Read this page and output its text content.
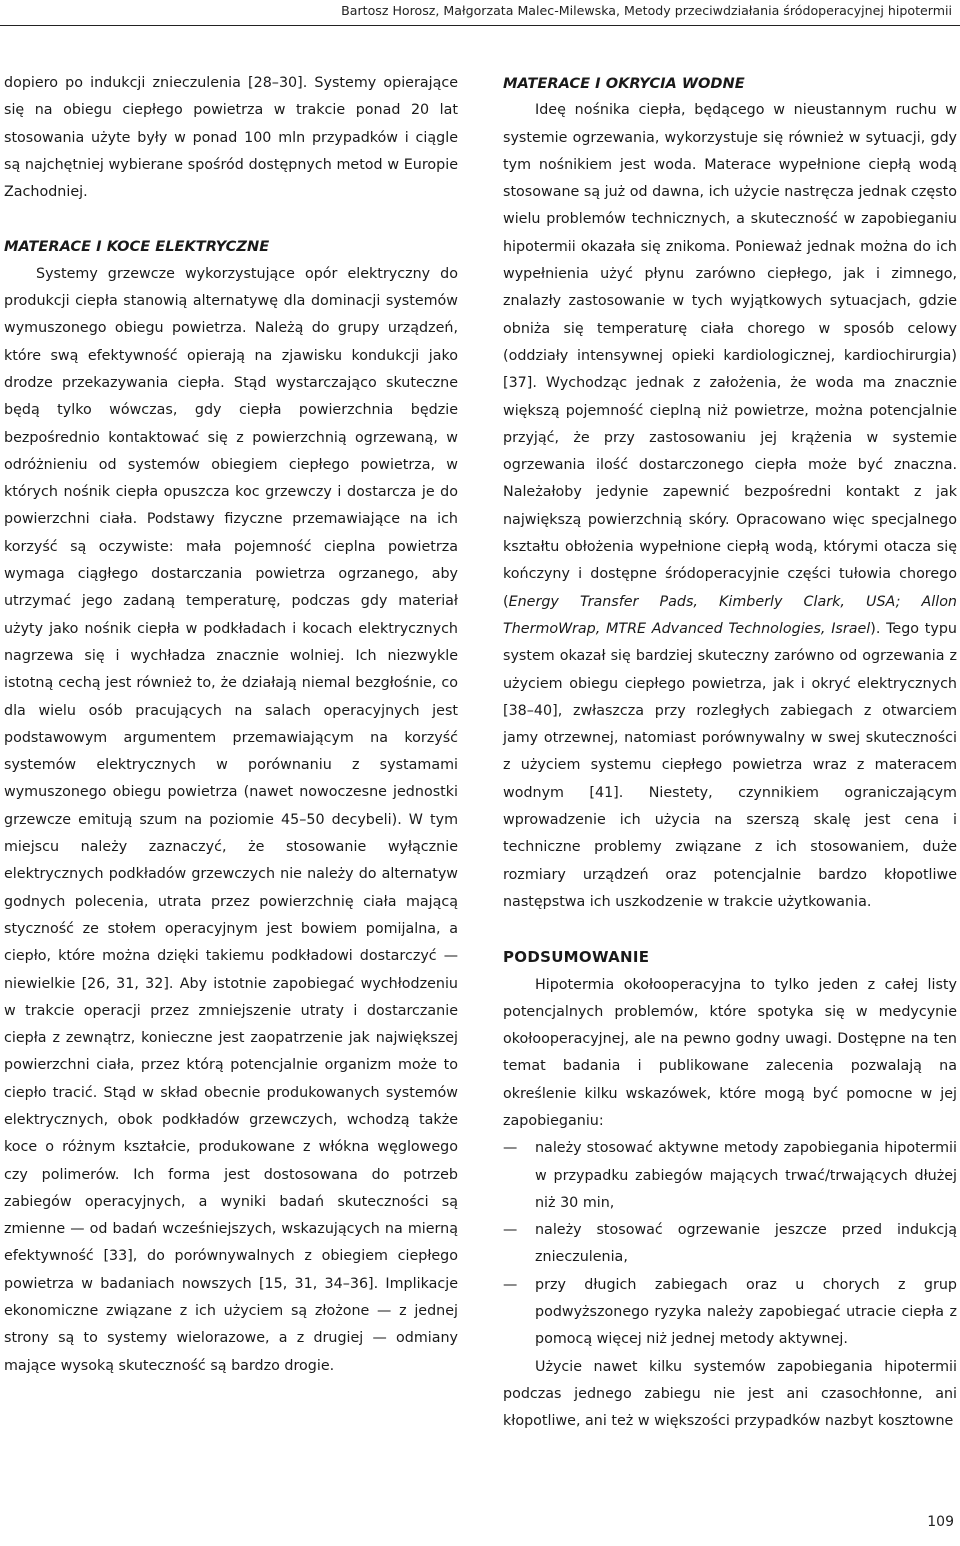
Bartosz Horosz, Małgorzata Malec-Milewska, Metody przeciwdziałania śródoperacyjnej hipotermii

dopiero po indukcji znieczulenia [28–30]. Systemy opierające się na obiegu ciepłego powietrza w trakcie ponad 20 lat stosowania użyte były w ponad 100 mln przypadków i ciągle są najchętniej wybierane spośród dostępnych metod w Europie Zachodniej.

MATERACE I KOCE ELEKTRYCZNE

Systemy grzewcze wykorzystujące opór elektryczny do produkcji ciepła stanowią alternatywę dla dominacji systemów wymuszonego obiegu powietrza. Należą do grupy urządzeń, które swą efektywność opierają na zjawisku kondukcji jako drodze przekazywania ciepła. Stąd wystarczająco skuteczne będą tylko wówczas, gdy ciepła powierzchnia będzie bezpośrednio kontaktować się z powierzchnią ogrzewaną, w odróżnieniu od systemów obiegiem ciepłego powietrza, w których nośnik ciepła opuszcza koc grzewczy i dostarcza je do powierzchni ciała. Podstawy fizyczne przemawiające na ich korzyść są oczywiste: mała pojemność cieplna powietrza wymaga ciągłego dostarczania powietrza ogrzanego, aby utrzymać jego zadaną temperaturę, podczas gdy materiał użyty jako nośnik ciepła w podkładach i kocach elektrycznych nagrzewa się i wychładza znacznie wolniej. Ich niezwykle istotną cechą jest również to, że działają niemal bezgłośnie, co dla wielu osób pracujących na salach operacyjnych jest podstawowym argumentem przemawiającym na korzyść systemów elektrycznych w porównaniu z systamami wymuszonego obiegu powietrza (nawet nowoczesne jednostki grzewcze emitują szum na poziomie 45–50 decybeli). W tym miejscu należy zaznaczyć, że stosowanie wyłącznie elektrycznych podkładów grzewczych nie należy do alternatyw godnych polecenia, utrata przez powierzchnię ciała mającą styczność ze stołem operacyjnym jest bowiem pomijalna, a ciepło, które można dzięki takiemu podkładowi dostarczyć — niewielkie [26, 31, 32]. Aby istotnie zapobiegać wychłodzeniu w trakcie operacji przez zmniejszenie utraty i dostarczanie ciepła z zewnątrz, konieczne jest zaopatrzenie jak największej powierzchni ciała, przez którą potencjalnie organizm może to ciepło tracić. Stąd w skład obecnie produkowanych systemów elektrycznych, obok podkładów grzewczych, wchodzą także koce o różnym kształcie, produkowane z włókna węglowego czy polimerów. Ich forma jest dostosowana do potrzeb zabiegów operacyjnych, a wyniki badań skuteczności są zmienne — od badań wcześniejszych, wskazujących na mierną efektywność [33], do porównywalnych z obiegiem ciepłego powietrza w badaniach nowszych [15, 31, 34–36]. Implikacje ekonomiczne związane z ich użyciem są złożone — z jednej strony są to systemy wielorazowe, a z drugiej — odmiany mające wysoką skuteczność są bardzo drogie.

MATERACE I OKRYCIA WODNE

Ideę nośnika ciepła, będącego w nieustannym ruchu w systemie ogrzewania, wykorzystuje się również w sytuacji, gdy tym nośnikiem jest woda. Materace wypełnione ciepłą wodą stosowane są już od dawna, ich użycie nastręcza jednak często wielu problemów technicznych, a skuteczność w zapobieganiu hipotermii okazała się znikoma. Ponieważ jednak można do ich wypełnienia użyć płynu zarówno ciepłego, jak i zimnego, znalazły zastosowanie w tych wyjątkowych sytuacjach, gdzie obniża się temperaturę ciała chorego w sposób celowy (oddziały intensywnej opieki kardiologicznej, kardiochirurgia) [37]. Wychodząc jednak z założenia, że woda ma znacznie większą pojemność cieplną niż powietrze, można potencjalnie przyjąć, że przy zastosowaniu jej krążenia w systemie ogrzewania ilość dostarczonego ciepła może być znaczna. Należałoby jedynie zapewnić bezpośredni kontakt z jak największą powierzchnią skóry. Opracowano więc specjalnego kształtu obłożenia wypełnione ciepłą wodą, którymi otacza się kończyny i dostępne śródoperacyjnie części tułowia chorego (Energy Transfer Pads, Kimberly Clark, USA; Allon ThermoWrap, MTRE Advanced Technologies, Israel). Tego typu system okazał się bardziej skuteczny zarówno od ogrzewania z użyciem obiegu ciepłego powietrza, jak i okryć elektrycznych [38–40], zwłaszcza przy rozległych zabiegach z otwarciem jamy otrzewnej, natomiast porównywalny w swej skuteczności z użyciem systemu ciepłego powietrza wraz z materacem wodnym [41]. Niestety, czynnikiem ograniczającym wprowadzenie ich użycia na szerszą skalę jest cena i techniczne problemy związane z ich stosowaniem, duże rozmiary urządzeń oraz potencjalnie bardzo kłopotliwe następstwa ich uszkodzenie w trakcie użytkowania.

PODSUMOWANIE

Hipotermia okołooperacyjna to tylko jeden z całej listy potencjalnych problemów, które spotyka się w medycynie okołooperacyjnej, ale na pewno godny uwagi. Dostępne na ten temat badania i publikowane zalecenia pozwalają na określenie kilku wskazówek, które mogą być pomocne w jej zapobieganiu:

— należy stosować aktywne metody zapobiegania hipotermii w przypadku zabiegów mających trwać/trwających dłużej niż 30 min,
— należy stosować ogrzewanie jeszcze przed indukcją znieczulenia,
— przy długich zabiegach oraz u chorych z grup podwyższonego ryzyka należy zapobiegać utracie ciepła z pomocą więcej niż jednej metody aktywnej.

Użycie nawet kilku systemów zapobiegania hipotermii podczas jednego zabiegu nie jest ani czasochłonne, ani kłopotliwe, ani też w większości przypadków nazbyt kosztowne

109
